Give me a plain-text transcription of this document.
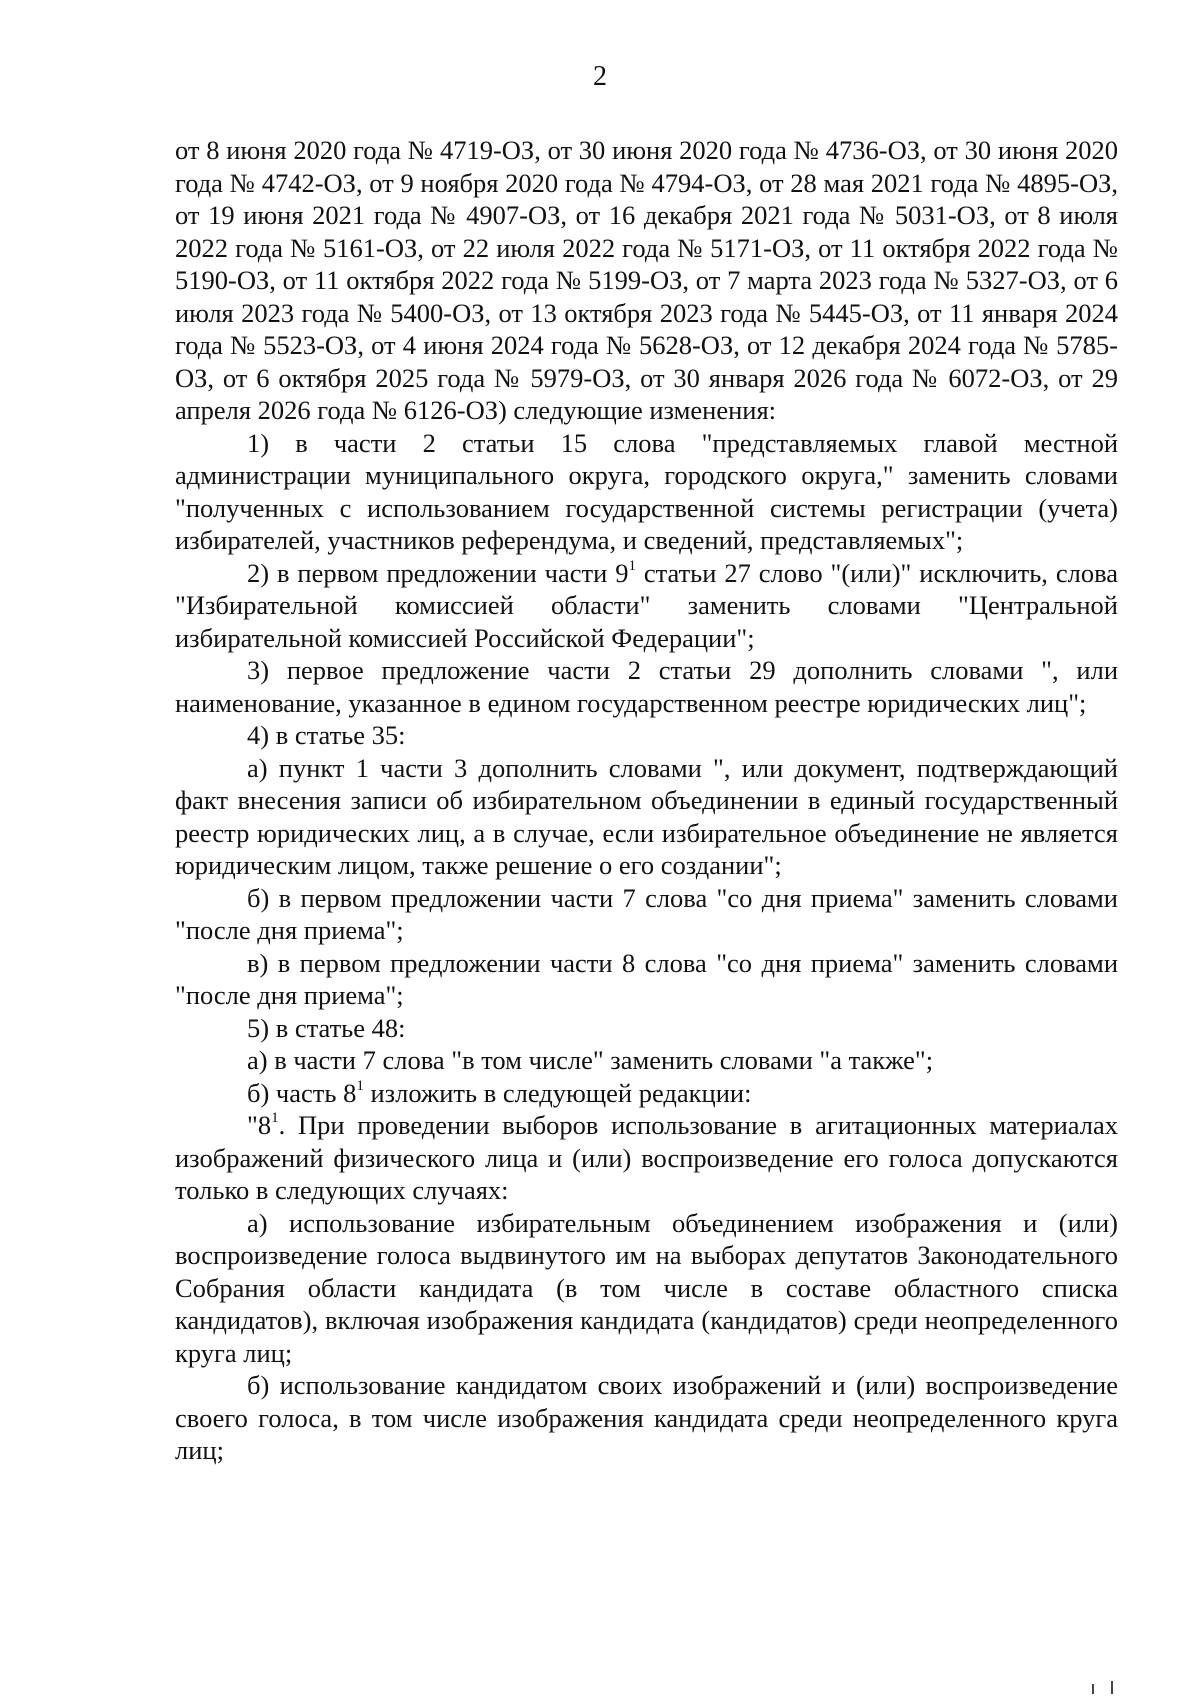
2

от 8 июня 2020 года № 4719-ОЗ, от 30 июня 2020 года № 4736-ОЗ, от 30 июня 2020 года № 4742-ОЗ, от 9 ноября 2020 года № 4794-ОЗ, от 28 мая 2021 года № 4895-ОЗ, от 19 июня 2021 года № 4907-ОЗ, от 16 декабря 2021 года № 5031-ОЗ, от 8 июля 2022 года № 5161-ОЗ, от 22 июля 2022 года № 5171-ОЗ, от 11 октября 2022 года № 5190-ОЗ, от 11 октября 2022 года № 5199-ОЗ, от 7 марта 2023 года № 5327-ОЗ, от 6 июля 2023 года № 5400-ОЗ, от 13 октября 2023 года № 5445-ОЗ, от 11 января 2024 года № 5523-ОЗ, от 4 июня 2024 года № 5628-ОЗ, от 12 декабря 2024 года № 5785-ОЗ, от 6 октября 2025 года № 5979-ОЗ, от 30 января 2026 года № 6072-ОЗ, от 29 апреля 2026 года № 6126-ОЗ) следующие изменения:

1) в части 2 статьи 15 слова "представляемых главой местной администрации муниципального округа, городского округа," заменить словами "полученных с использованием государственной системы регистрации (учета) избирателей, участников референдума, и сведений, представляемых";

2) в первом предложении части $9^1$ статьи 27 слово "(или)" исключить, слова "Избирательной комиссией области" заменить словами "Центральной избирательной комиссией Российской Федерации";

3) первое предложение части 2 статьи 29 дополнить словами ", или наименование, указанное в едином государственном реестре юридических лиц";

4) в статье 35:

а) пункт 1 части 3 дополнить словами ", или документ, подтверждающий факт внесения записи об избирательном объединении в единый государственный реестр юридических лиц, а в случае, если избирательное объединение не является юридическим лицом, также решение о его создании";

б) в первом предложении части 7 слова "со дня приема" заменить словами "после дня приема";

в) в первом предложении части 8 слова "со дня приема" заменить словами "после дня приема";

5) в статье 48:

а) в части 7 слова "в том числе" заменить словами "а также";

б) часть $8^1$ изложить в следующей редакции:

"$8^1$. При проведении выборов использование в агитационных материалах изображений физического лица и (или) воспроизведение его голоса допускаются только в следующих случаях:

а) использование избирательным объединением изображения и (или) воспроизведение голоса выдвинутого им на выборах депутатов Законодательного Собрания области кандидата (в том числе в составе областного списка кандидатов), включая изображения кандидата (кандидатов) среди неопределенного круга лиц;

б) использование кандидатом своих изображений и (или) воспроизведение своего голоса, в том числе изображения кандидата среди неопределенного круга лиц;
